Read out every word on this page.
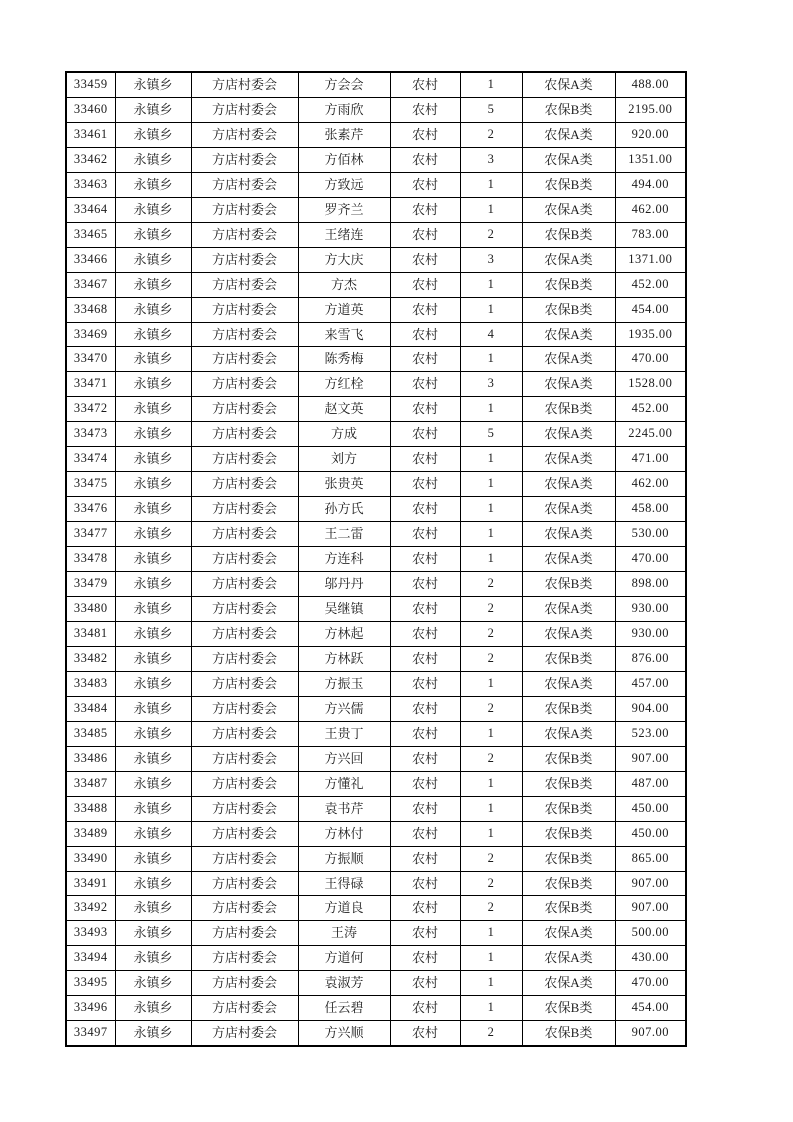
33459	永镇乡	方店村委会	方会会	农村	1	农保A类	488.00
33460	永镇乡	方店村委会	方雨欣	农村	5	农保B类	2195.00
33461	永镇乡	方店村委会	张素芹	农村	2	农保A类	920.00
33462	永镇乡	方店村委会	方佰林	农村	3	农保A类	1351.00
33463	永镇乡	方店村委会	方致远	农村	1	农保B类	494.00
33464	永镇乡	方店村委会	罗齐兰	农村	1	农保A类	462.00
33465	永镇乡	方店村委会	王绪连	农村	2	农保B类	783.00
33466	永镇乡	方店村委会	方大庆	农村	3	农保A类	1371.00
33467	永镇乡	方店村委会	方杰	农村	1	农保B类	452.00
33468	永镇乡	方店村委会	方道英	农村	1	农保B类	454.00
33469	永镇乡	方店村委会	来雪飞	农村	4	农保A类	1935.00
33470	永镇乡	方店村委会	陈秀梅	农村	1	农保A类	470.00
33471	永镇乡	方店村委会	方红栓	农村	3	农保A类	1528.00
33472	永镇乡	方店村委会	赵文英	农村	1	农保B类	452.00
33473	永镇乡	方店村委会	方成	农村	5	农保A类	2245.00
33474	永镇乡	方店村委会	刘方	农村	1	农保A类	471.00
33475	永镇乡	方店村委会	张贵英	农村	1	农保A类	462.00
33476	永镇乡	方店村委会	孙方氏	农村	1	农保A类	458.00
33477	永镇乡	方店村委会	王二雷	农村	1	农保A类	530.00
33478	永镇乡	方店村委会	方连科	农村	1	农保A类	470.00
33479	永镇乡	方店村委会	邬丹丹	农村	2	农保B类	898.00
33480	永镇乡	方店村委会	吴继镇	农村	2	农保A类	930.00
33481	永镇乡	方店村委会	方林起	农村	2	农保A类	930.00
33482	永镇乡	方店村委会	方林跃	农村	2	农保B类	876.00
33483	永镇乡	方店村委会	方振玉	农村	1	农保A类	457.00
33484	永镇乡	方店村委会	方兴儒	农村	2	农保B类	904.00
33485	永镇乡	方店村委会	王贵丁	农村	1	农保A类	523.00
33486	永镇乡	方店村委会	方兴回	农村	2	农保B类	907.00
33487	永镇乡	方店村委会	方懂礼	农村	1	农保B类	487.00
33488	永镇乡	方店村委会	袁书芹	农村	1	农保B类	450.00
33489	永镇乡	方店村委会	方林付	农村	1	农保B类	450.00
33490	永镇乡	方店村委会	方振顺	农村	2	农保B类	865.00
33491	永镇乡	方店村委会	王得碌	农村	2	农保B类	907.00
33492	永镇乡	方店村委会	方道良	农村	2	农保B类	907.00
33493	永镇乡	方店村委会	王涛	农村	1	农保A类	500.00
33494	永镇乡	方店村委会	方道何	农村	1	农保A类	430.00
33495	永镇乡	方店村委会	袁淑芳	农村	1	农保A类	470.00
33496	永镇乡	方店村委会	任云碧	农村	1	农保B类	454.00
33497	永镇乡	方店村委会	方兴顺	农村	2	农保B类	907.00
